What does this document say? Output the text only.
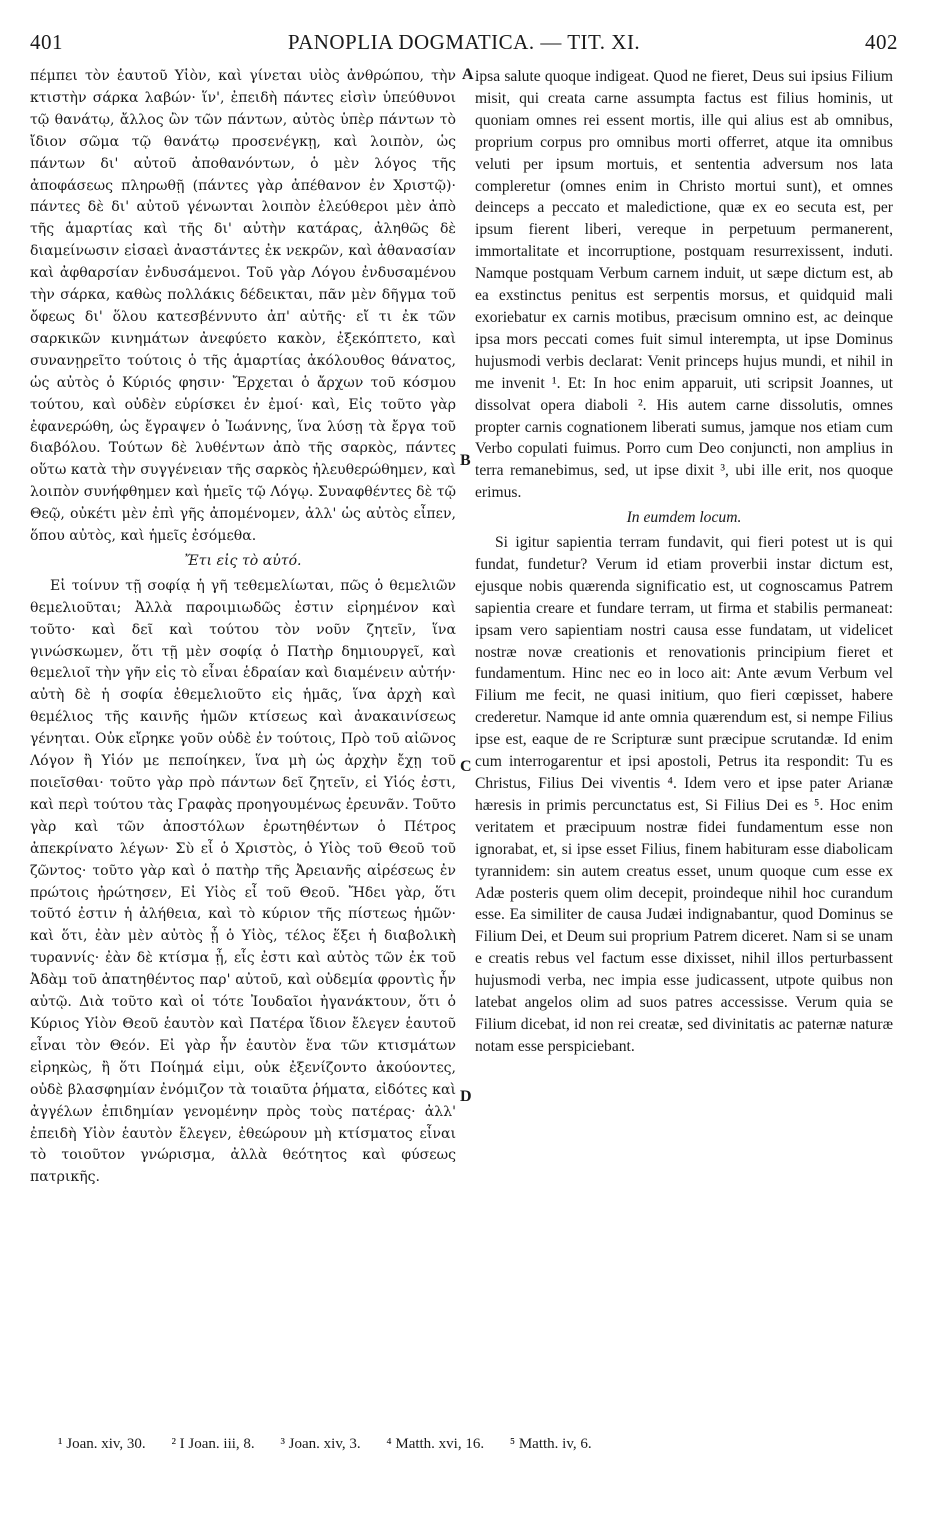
401	PANOPLIA DOGMATICA. — TIT. XI.	402

πέμπει τὸν ἑαυτοῦ Υἱὸν, καὶ γίνεται υἱὸς ἀνθρώπου, τὴν κτιστὴν σάρκα λαβών· ἵν', ἐπειδὴ πάντες εἰσὶν ὑπεύθυνοι τῷ θανάτῳ, ἄλλος ὢν τῶν πάντων, αὐτὸς ὑπὲρ πάντων τὸ ἴδιον σῶμα τῷ θανάτῳ προσενέγκῃ, καὶ λοιπὸν, ὡς πάντων δι' αὐτοῦ ἀποθανόντων, ὁ μὲν λόγος τῆς ἀποφάσεως πληρωθῇ (πάντες γὰρ ἀπέθανον ἐν Χριστῷ)· πάντες δὲ δι' αὐτοῦ γένωνται λοιπὸν ἐλεύθεροι μὲν ἀπὸ τῆς ἁμαρτίας καὶ τῆς δι' αὐτὴν κατάρας, ἀληθῶς δὲ διαμείνωσιν εἰσαεὶ ἀναστάντες ἐκ νεκρῶν, καὶ ἀθανασίαν καὶ ἀφθαρσίαν ἐνδυσάμενοι. Τοῦ γὰρ Λόγου ἐνδυσαμένου τὴν σάρκα, καθὼς πολλάκις δέδεικται, πᾶν μὲν δῆγμα τοῦ ὄφεως δι' ὅλου κατεσβέννυτο ἀπ' αὐτῆς· εἴ τι ἐκ τῶν σαρκικῶν κινημάτων ἀνεφύετο κακὸν, ἐξεκόπτετο, καὶ συνανῃρεῖτο τούτοις ὁ τῆς ἁμαρτίας ἀκόλουθος θάνατος, ὡς αὐτὸς ὁ Κύριός φησιν· Ἔρχεται ὁ ἄρχων τοῦ κόσμου τούτου, καὶ οὐδὲν εὑρίσκει ἐν ἐμοί· καὶ, Εἰς τοῦτο γὰρ ἐφανερώθη, ὡς ἔγραψεν ὁ Ἰωάννης, ἵνα λύσῃ τὰ ἔργα τοῦ διαβόλου. Τούτων δὲ λυθέντων ἀπὸ τῆς σαρκὸς, πάντες οὕτω κατὰ τὴν συγγένειαν τῆς σαρκὸς ἠλευθερώθημεν, καὶ λοιπὸν συνήφθημεν καὶ ἡμεῖς τῷ Λόγῳ. Συναφθέντες δὲ τῷ Θεῷ, οὐκέτι μὲν ἐπὶ γῆς ἀπομένομεν, ἀλλ' ὡς αὐτὸς εἶπεν, ὅπου αὐτὸς, καὶ ἡμεῖς ἐσόμεθα.

Ἔτι εἰς τὸ αὐτό.

Εἰ τοίνυν τῇ σοφίᾳ ἡ γῆ τεθεμελίωται, πῶς ὁ θεμελιῶν θεμελιοῦται; Ἀλλὰ παροιμιωδῶς ἐστιν εἰρημένον καὶ τοῦτο· καὶ δεῖ καὶ τούτου τὸν νοῦν ζητεῖν, ἵνα γινώσκωμεν, ὅτι τῇ μὲν σοφίᾳ ὁ Πατὴρ δημιουργεῖ, καὶ θεμελιοῖ τὴν γῆν εἰς τὸ εἶναι ἑδραίαν καὶ διαμένειν αὐτήν· αὐτὴ δὲ ἡ σοφία ἐθεμελιοῦτο εἰς ἡμᾶς, ἵνα ἀρχὴ καὶ θεμέλιος τῆς καινῆς ἡμῶν κτίσεως καὶ ἀνακαινίσεως γένηται. Οὐκ εἴρηκε γοῦν οὐδὲ ἐν τούτοις, Πρὸ τοῦ αἰῶνος Λόγον ἢ Υἱόν με πεποίηκεν, ἵνα μὴ ὡς ἀρχὴν ἔχῃ τοῦ ποιεῖσθαι· τοῦτο γὰρ πρὸ πάντων δεῖ ζητεῖν, εἰ Υἱός ἐστι, καὶ περὶ τούτου τὰς Γραφὰς προηγουμένως ἐρευνᾶν. Τοῦτο γὰρ καὶ τῶν ἀποστόλων ἐρωτηθέντων ὁ Πέτρος ἀπεκρίνατο λέγων· Σὺ εἶ ὁ Χριστὸς, ὁ Υἱὸς τοῦ Θεοῦ τοῦ ζῶντος· τοῦτο γὰρ καὶ ὁ πατὴρ τῆς Ἀρειανῆς αἱρέσεως ἐν πρώτοις ἠρώτησεν, Εἰ Υἱὸς εἶ τοῦ Θεοῦ. Ἤδει γὰρ, ὅτι τοῦτό ἐστιν ἡ ἀλήθεια, καὶ τὸ κύριον τῆς πίστεως ἡμῶν· καὶ ὅτι, ἐὰν μὲν αὐτὸς ᾖ ὁ Υἱὸς, τέλος ἕξει ἡ διαβολικὴ τυραννίς· ἐὰν δὲ κτίσμα ᾖ, εἷς ἐστι καὶ αὐτὸς τῶν ἐκ τοῦ Ἀδὰμ τοῦ ἀπατηθέντος παρ' αὐτοῦ, καὶ οὐδεμία φροντὶς ἦν αὐτῷ. Διὰ τοῦτο καὶ οἱ τότε Ἰουδαῖοι ἠγανάκτουν, ὅτι ὁ Κύριος Υἱὸν Θεοῦ ἑαυτὸν καὶ Πατέρα ἴδιον ἔλεγεν ἑαυτοῦ εἶναι τὸν Θεόν. Εἰ γὰρ ἦν ἑαυτὸν ἕνα τῶν κτισμάτων εἰρηκὼς, ἢ ὅτι Ποίημά εἰμι, οὐκ ἐξενίζοντο ἀκούοντες, οὐδὲ βλασφημίαν ἐνόμιζον τὰ τοιαῦτα ῥήματα, εἰδότες καὶ ἀγγέλων ἐπιδημίαν γενομένην πρὸς τοὺς πατέρας· ἀλλ' ἐπειδὴ Υἱὸν ἑαυτὸν ἔλεγεν, ἐθεώρουν μὴ κτίσματος εἶναι τὸ τοιοῦτον γνώρισμα, ἀλλὰ θεότητος καὶ φύσεως πατρικῆς.

A
B
C
D

ipsa salute quoque indigeat. Quod ne fieret, Deus sui ipsius Filium misit, qui creata carne assumpta factus est filius hominis, ut quoniam omnes rei essent mortis, ille qui alius est ab omnibus, proprium corpus pro omnibus morti offerret, atque ita omnibus veluti per ipsum mortuis, et sententia adversum nos lata compleretur (omnes enim in Christo mortui sunt), et omnes deinceps a peccato et maledictione, quæ ex eo secuta est, per ipsum fierent liberi, vereque in perpetuum permanerent, immortalitate et incorruptione, postquam resurrexissent, induti. Namque postquam Verbum carnem induit, ut sæpe dictum est, ab ea exstinctus penitus est serpentis morsus, et quidquid mali exoriebatur ex carnis motibus, præcisum omnino est, ac deinque ipsa mors peccati comes fuit simul interempta, ut ipse Dominus hujusmodi verbis declarat: Venit princeps hujus mundi, et nihil in me invenit ¹. Et: In hoc enim apparuit, uti scripsit Joannes, ut dissolvat opera diaboli ². His autem carne dissolutis, omnes propter carnis cognationem liberati sumus, jamque nos etiam cum Verbo copulati fuimus. Porro cum Deo conjuncti, non amplius in terra remanebimus, sed, ut ipse dixit ³, ubi ille erit, nos quoque erimus.

In eumdem locum.

Si igitur sapientia terram fundavit, qui fieri potest ut is qui fundat, fundetur? Verum id etiam proverbii instar dictum est, ejusque nobis quærenda significatio est, ut cognoscamus Patrem sapientia creare et fundare terram, ut firma et stabilis permaneat: ipsam vero sapientiam nostri causa esse fundatam, ut videlicet nostræ novæ creationis et renovationis principium fieret et fundamentum. Hinc nec eo in loco ait: Ante ævum Verbum vel Filium me fecit, ne quasi initium, quo fieri cœpisset, habere crederetur. Namque id ante omnia quærendum est, si nempe Filius ipse est, eaque de re Scripturæ sunt præcipue scrutandæ. Id enim cum interrogarentur et ipsi apostoli, Petrus ita respondit: Tu es Christus, Filius Dei viventis ⁴. Idem vero et ipse pater Arianæ hæresis in primis percunctatus est, Si Filius Dei es ⁵. Hoc enim veritatem et præcipuum nostræ fidei fundamentum esse non ignorabat, et, si ipse esset Filius, finem habituram esse diabolicam tyrannidem: sin autem creatus esset, unum quoque cum esse ex Adæ posteris quem olim decepit, proindeque nihil hoc curandum esse. Ea similiter de causa Judæi indignabantur, quod Dominus se Filium Dei, et Deum sui proprium Patrem diceret. Nam si se unam e creatis rebus vel factum esse dixisset, nihil illos perturbassent hujusmodi verba, nec impia esse judicassent, utpote quibus non latebat angelos olim ad suos patres accessisse. Verum quia se Filium dicebat, id non rei creatæ, sed divinitatis ac paternæ naturæ notam esse perspiciebant.

¹ Joan. xiv, 30. ² I Joan. iii, 8. ³ Joan. xiv, 3. ⁴ Matth. xvi, 16. ⁵ Matth. iv, 6.
